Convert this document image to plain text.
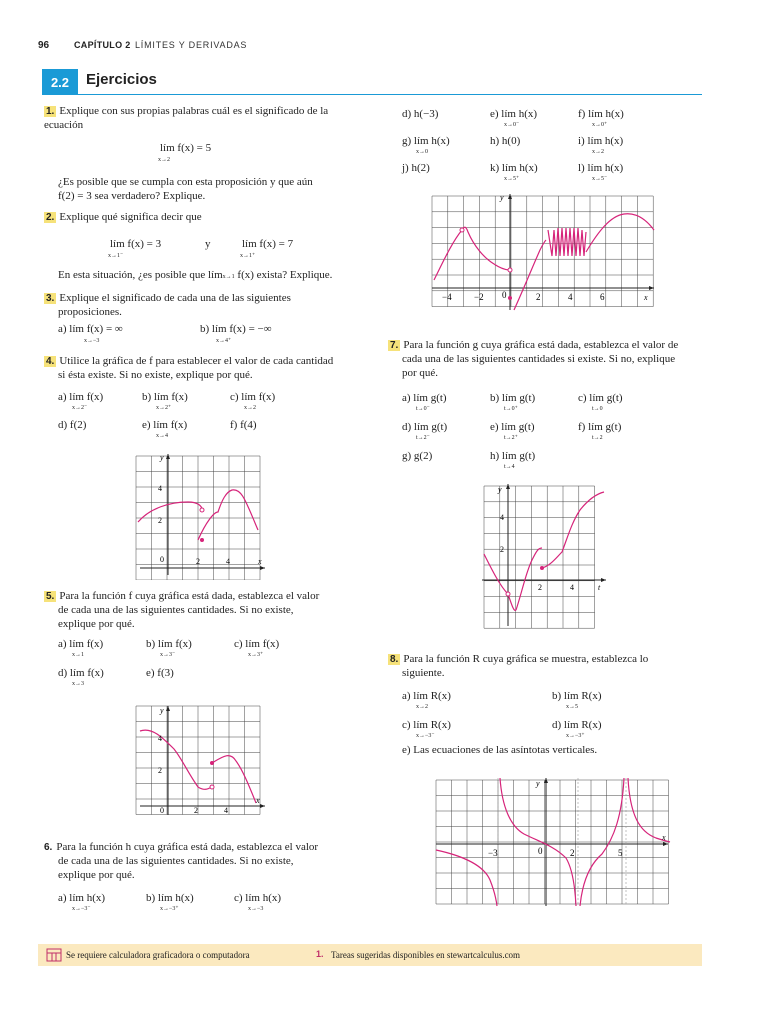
96	CAPÍTULO 2 LÍMITES Y DERIVADAS
2.2	Ejercicios
1. Explique con sus propias palabras cuál es el significado de la ecuación
lím f(x) = 5
x→2
¿Es posible que se cumpla con esta proposición y que aún
f(2) = 3 sea verdadero? Explique.
2. Explique qué significa decir que
lím f(x) = 3
x→1⁻
y	lím f(x) = 7
x→1⁺
En esta situación, ¿es posible que límx→1 f(x) exista? Explique.
3. Explique el significado de cada una de las siguientes
proposiciones.
a) lím f(x) = ∞
x→−3
b) lím f(x) = −∞
x→4⁺
4. Utilice la gráfica de f para establecer el valor de cada cantidad
si ésta existe. Si no existe, explique por qué.
a) lím f(x)
x→2⁻
b) lím f(x)
x→2⁺
c) lím f(x)
x→2
d) f(2)	e) lím f(x)
x→4
f) f(4)
y
x
0	2	4
2
4
5. Para la función f cuya gráfica está dada, establezca el valor
de cada una de las siguientes cantidades. Si no existe,
explique por qué.
a) lím f(x)
x→1
b) lím f(x)
x→3⁻
c) lím f(x)
x→3⁺
d) lím f(x)
x→3
e) f(3)
y
x
0	2	4
2
4
6. Para la función h cuya gráfica está dada, establezca el valor
de cada una de las siguientes cantidades. Si no existe,
explique por qué.
a) lím h(x)
x→−3⁻
b) lím h(x)
x→−3⁺
c) lím h(x)
x→−3
d) h(−3)	e) lím h(x)
x→0⁻
f) lím h(x)
x→0⁺
g) lím h(x)
x→0
h) h(0)	i) lím h(x)
x→2
j) h(2)	k) lím h(x)
x→5⁺
l) lím h(x)
x→5⁻
y
x
0
−4 −2	2	4	6
7. Para la función g cuya gráfica está dada, establezca el valor de
cada una de las siguientes cantidades si existe. Si no, explique
por qué.
a) lím g(t)
t→0⁻
b) lím g(t)
t→0⁺
c) lím g(t)
t→0
d) lím g(t)
t→2⁻
e) lím g(t)
t→2⁺
f) lím g(t)
t→2
g) g(2)	h) lím g(t)
t→4
y
t
2	4
2
4
8. Para la función R cuya gráfica se muestra, establezca lo
siguiente.
a) lím R(x)
x→2
b) lím R(x)
x→5
c) lím R(x)
x→−3⁻
d) lím R(x)
x→−3⁺
e) Las ecuaciones de las asíntotas verticales.
y
x
0
−3	2	5
Se requiere calculadora graficadora o computadora	1. Tareas sugeridas disponibles en stewartcalculus.com
